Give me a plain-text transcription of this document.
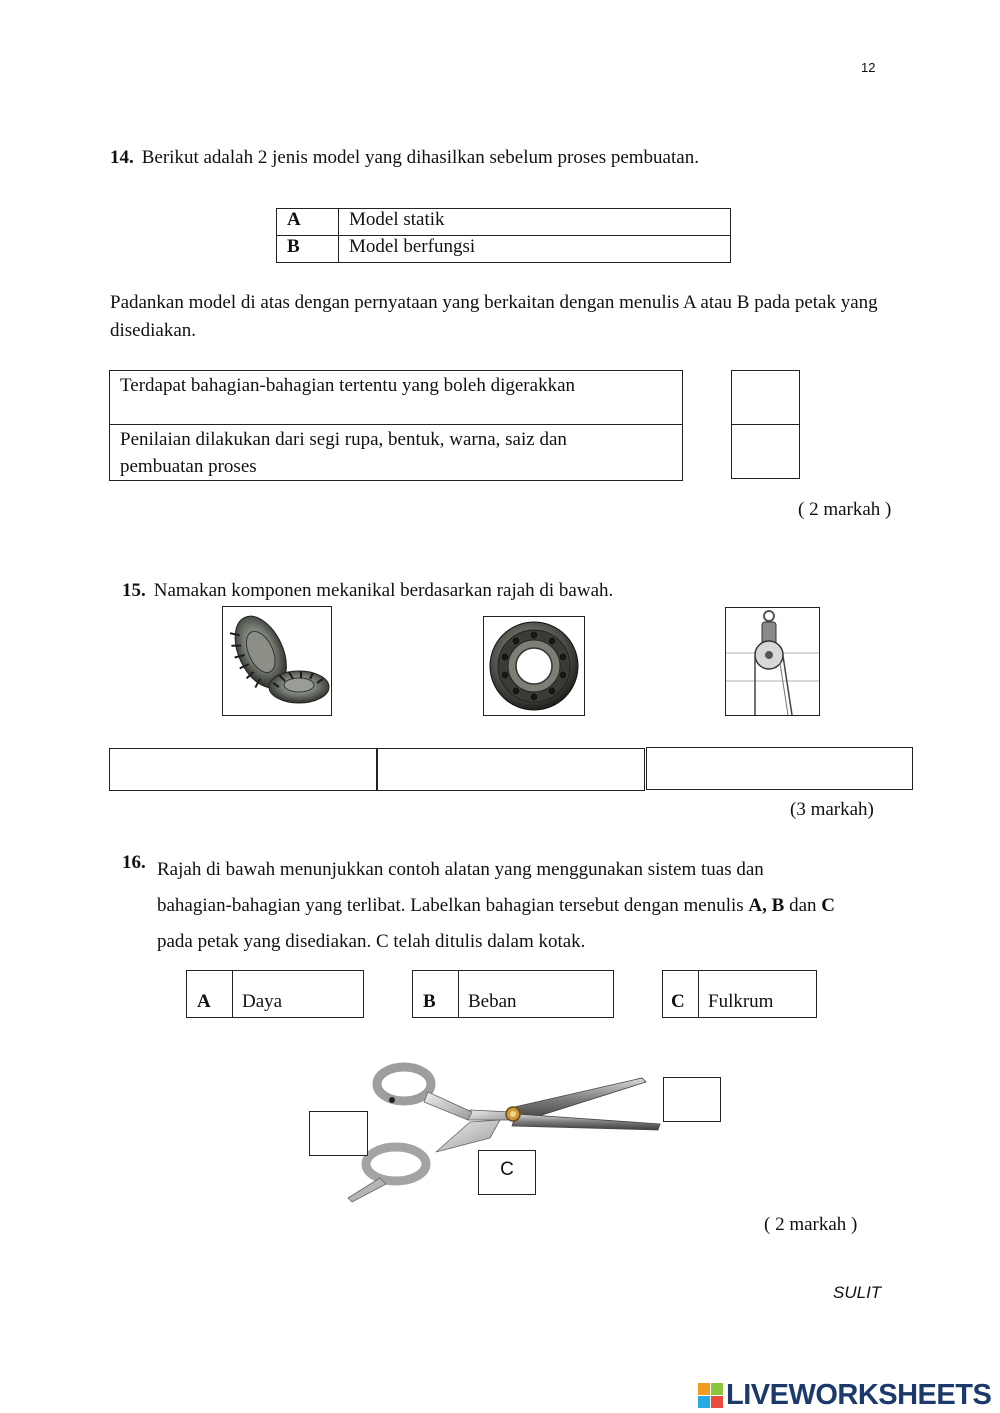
12
14. Berikut adalah 2 jenis model yang dihasilkan sebelum proses pembuatan.
A	Model statik
B	Model berfungsi
Padankan model di atas dengan pernyataan yang berkaitan dengan menulis A atau B pada petak yang disediakan.
Terdapat bahagian-bahagian tertentu yang boleh digerakkan
Penilaian dilakukan dari segi rupa, bentuk, warna, saiz dan pembuatan proses
( 2 markah )
15. Namakan komponen mekanikal berdasarkan rajah di bawah.
(3 markah)
16. Rajah di bawah menunjukkan contoh alatan yang menggunakan sistem tuas dan
bahagian-bahagian yang terlibat. Labelkan bahagian tersebut dengan menulis A, B dan C
pada petak yang disediakan. C telah ditulis dalam kotak.
A	Daya	B	Beban	C	Fulkrum
C
( 2 markah )
SULIT
LIVEWORKSHEETS
